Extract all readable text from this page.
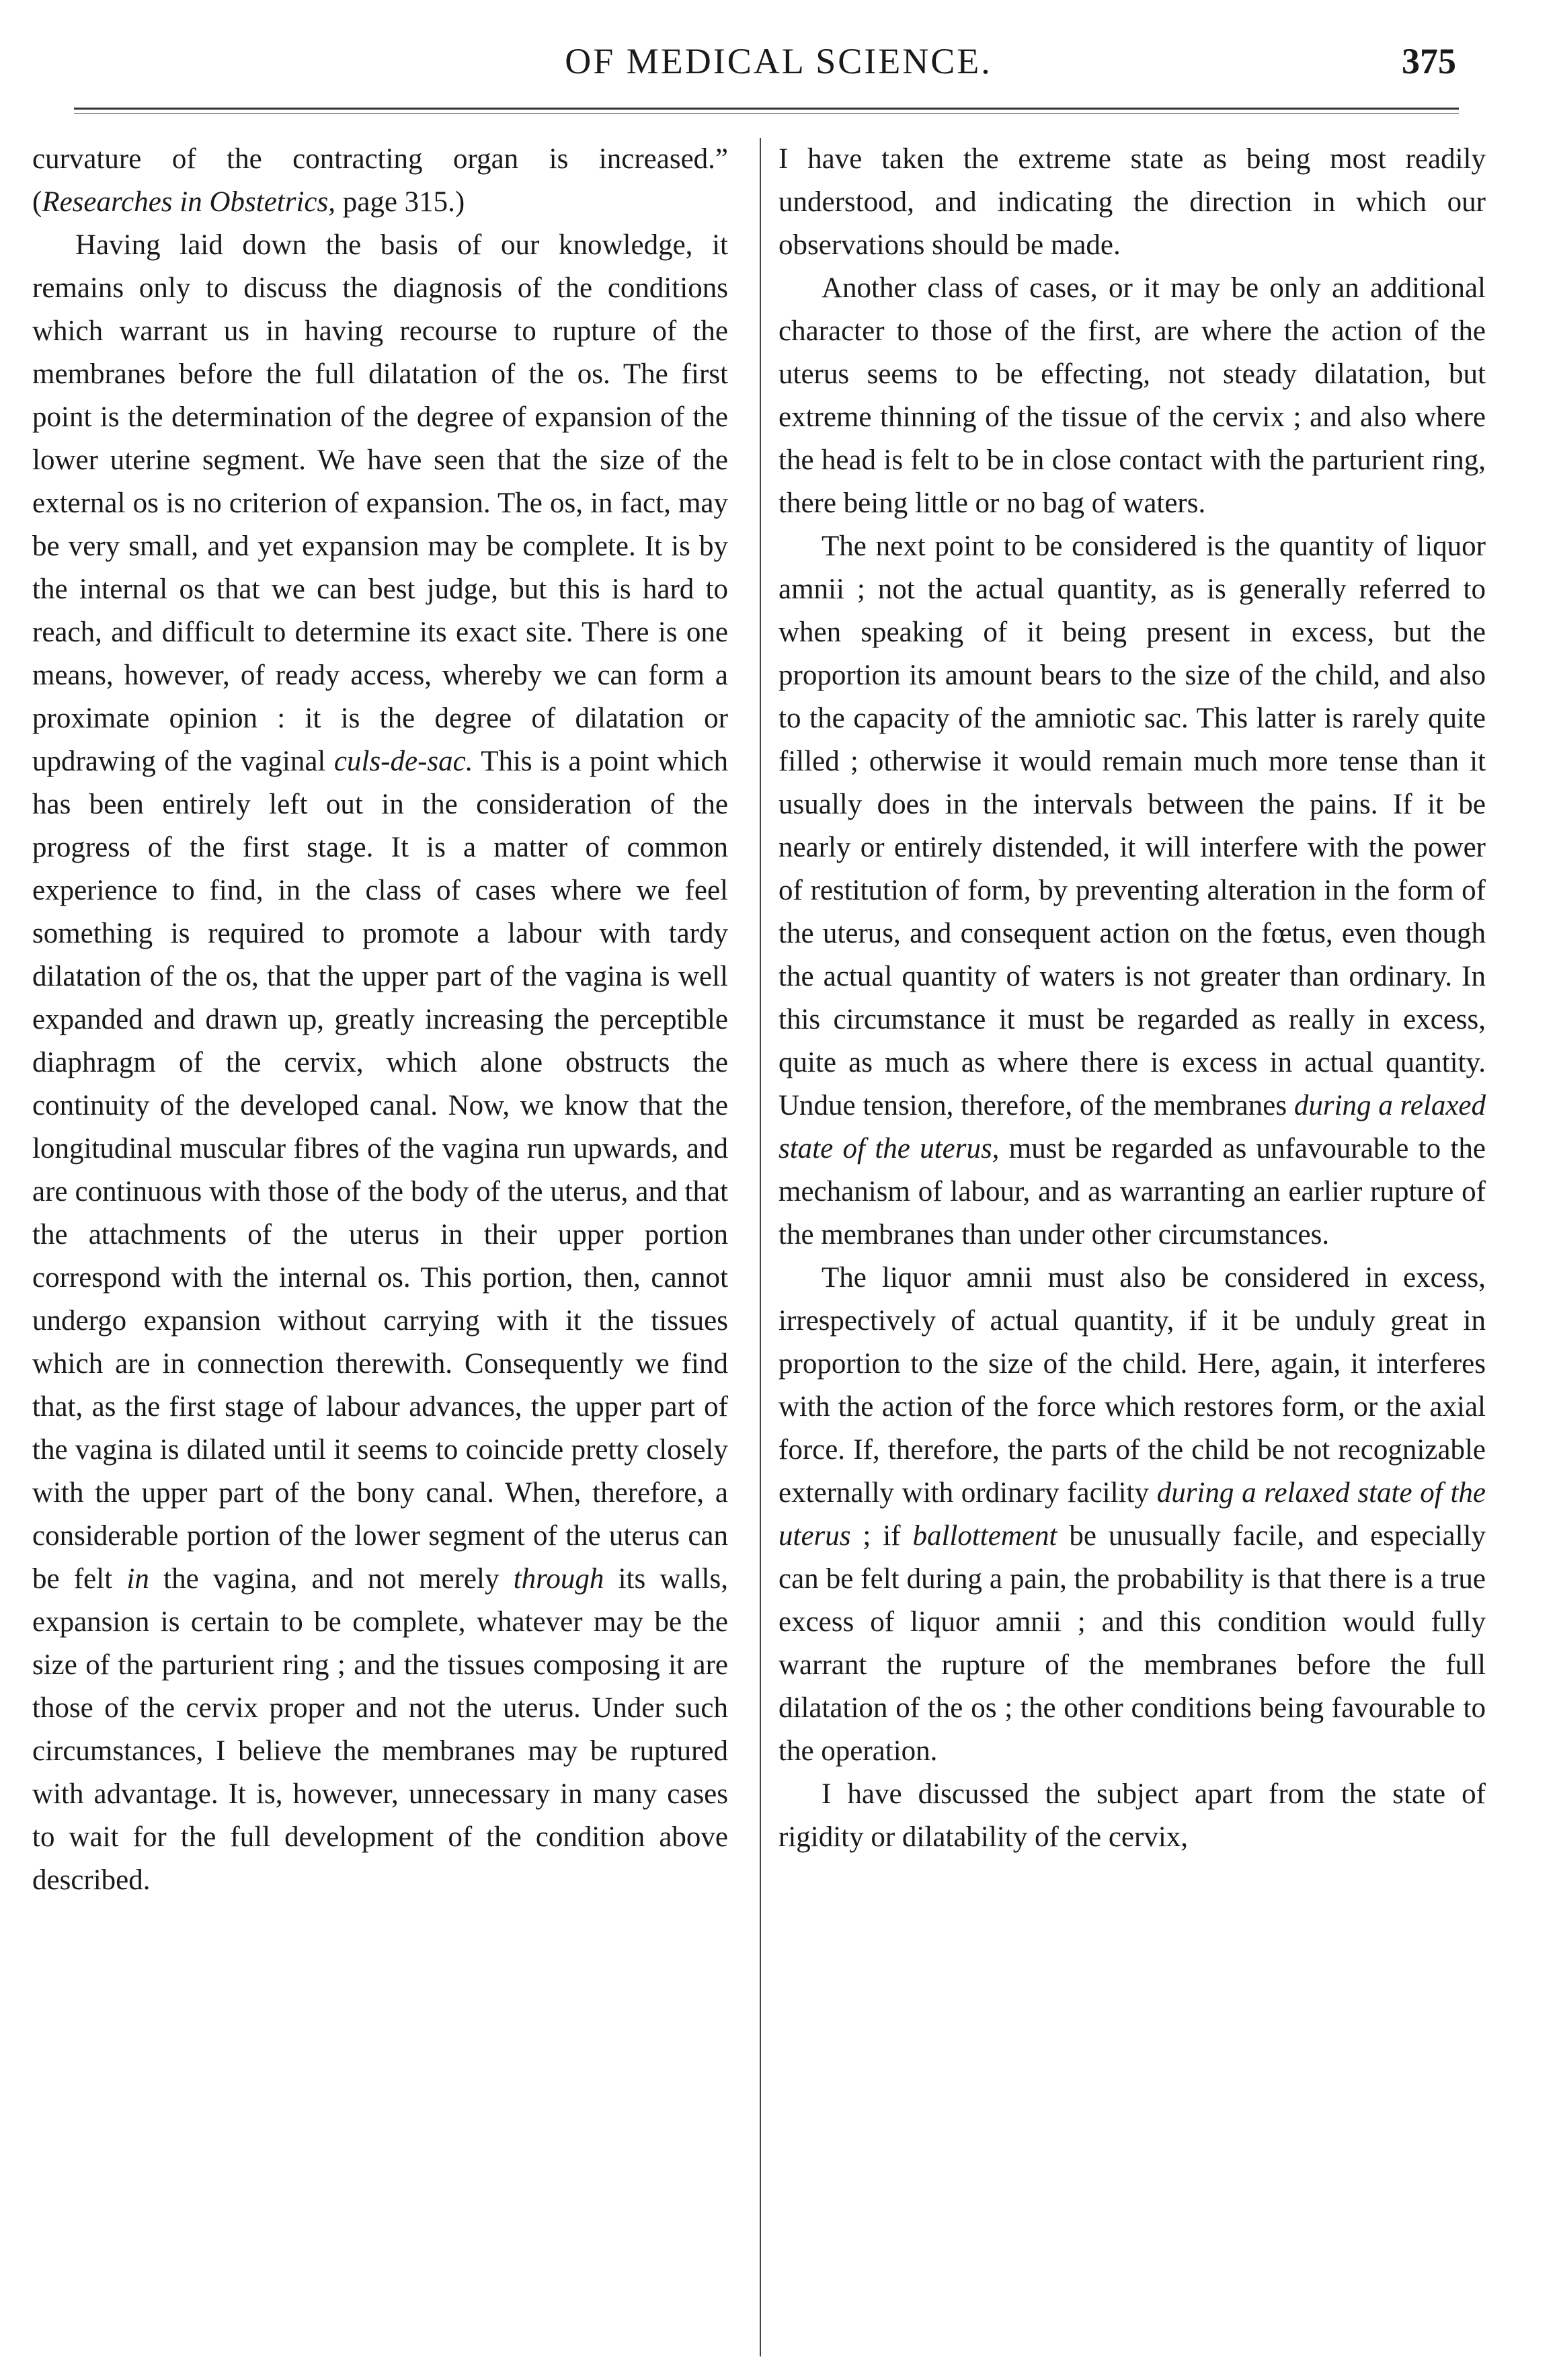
OF MEDICAL SCIENCE.	375

curvature of the contracting organ is increased.” (Researches in Obstetrics, page 315.)

Having laid down the basis of our knowledge, it remains only to discuss the diagnosis of the conditions which warrant us in having recourse to rupture of the membranes before the full dilatation of the os. The first point is the determination of the degree of expansion of the lower uterine segment. We have seen that the size of the external os is no criterion of expansion. The os, in fact, may be very small, and yet expansion may be complete. It is by the internal os that we can best judge, but this is hard to reach, and difficult to determine its exact site. There is one means, however, of ready access, whereby we can form a proximate opinion : it is the degree of dilatation or updrawing of the vaginal culs-de-sac. This is a point which has been entirely left out in the consideration of the progress of the first stage. It is a matter of common experience to find, in the class of cases where we feel something is required to promote a labour with tardy dilatation of the os, that the upper part of the vagina is well expanded and drawn up, greatly increasing the perceptible diaphragm of the cervix, which alone obstructs the continuity of the developed canal. Now, we know that the longitudinal muscular fibres of the vagina run upwards, and are continuous with those of the body of the uterus, and that the attachments of the uterus in their upper portion correspond with the internal os. This portion, then, cannot undergo expansion without carrying with it the tissues which are in connection therewith. Consequently we find that, as the first stage of labour advances, the upper part of the vagina is dilated until it seems to coincide pretty closely with the upper part of the bony canal. When, therefore, a considerable portion of the lower segment of the uterus can be felt in the vagina, and not merely through its walls, expansion is certain to be complete, whatever may be the size of the parturient ring ; and the tissues composing it are those of the cervix proper and not the uterus. Under such circumstances, I believe the membranes may be ruptured with advantage. It is, however, unnecessary in many cases to wait for the full development of the condition above described.

I have taken the extreme state as being most readily understood, and indicating the direction in which our observations should be made.

Another class of cases, or it may be only an additional character to those of the first, are where the action of the uterus seems to be effecting, not steady dilatation, but extreme thinning of the tissue of the cervix ; and also where the head is felt to be in close contact with the parturient ring, there being little or no bag of waters.

The next point to be considered is the quantity of liquor amnii ; not the actual quantity, as is generally referred to when speaking of it being present in excess, but the proportion its amount bears to the size of the child, and also to the capacity of the amniotic sac. This latter is rarely quite filled ; otherwise it would remain much more tense than it usually does in the intervals between the pains. If it be nearly or entirely distended, it will interfere with the power of restitution of form, by preventing alteration in the form of the uterus, and consequent action on the fœtus, even though the actual quantity of waters is not greater than ordinary. In this circumstance it must be regarded as really in excess, quite as much as where there is excess in actual quantity. Undue tension, therefore, of the membranes during a relaxed state of the uterus, must be regarded as unfavourable to the mechanism of labour, and as warranting an earlier rupture of the membranes than under other circumstances.

The liquor amnii must also be considered in excess, irrespectively of actual quantity, if it be unduly great in proportion to the size of the child. Here, again, it interferes with the action of the force which restores form, or the axial force. If, therefore, the parts of the child be not recognizable externally with ordinary facility during a relaxed state of the uterus ; if ballottement be unusually facile, and especially can be felt during a pain, the probability is that there is a true excess of liquor amnii ; and this condition would fully warrant the rupture of the membranes before the full dilatation of the os ; the other conditions being favourable to the operation.

I have discussed the subject apart from the state of rigidity or dilatability of the cervix,
